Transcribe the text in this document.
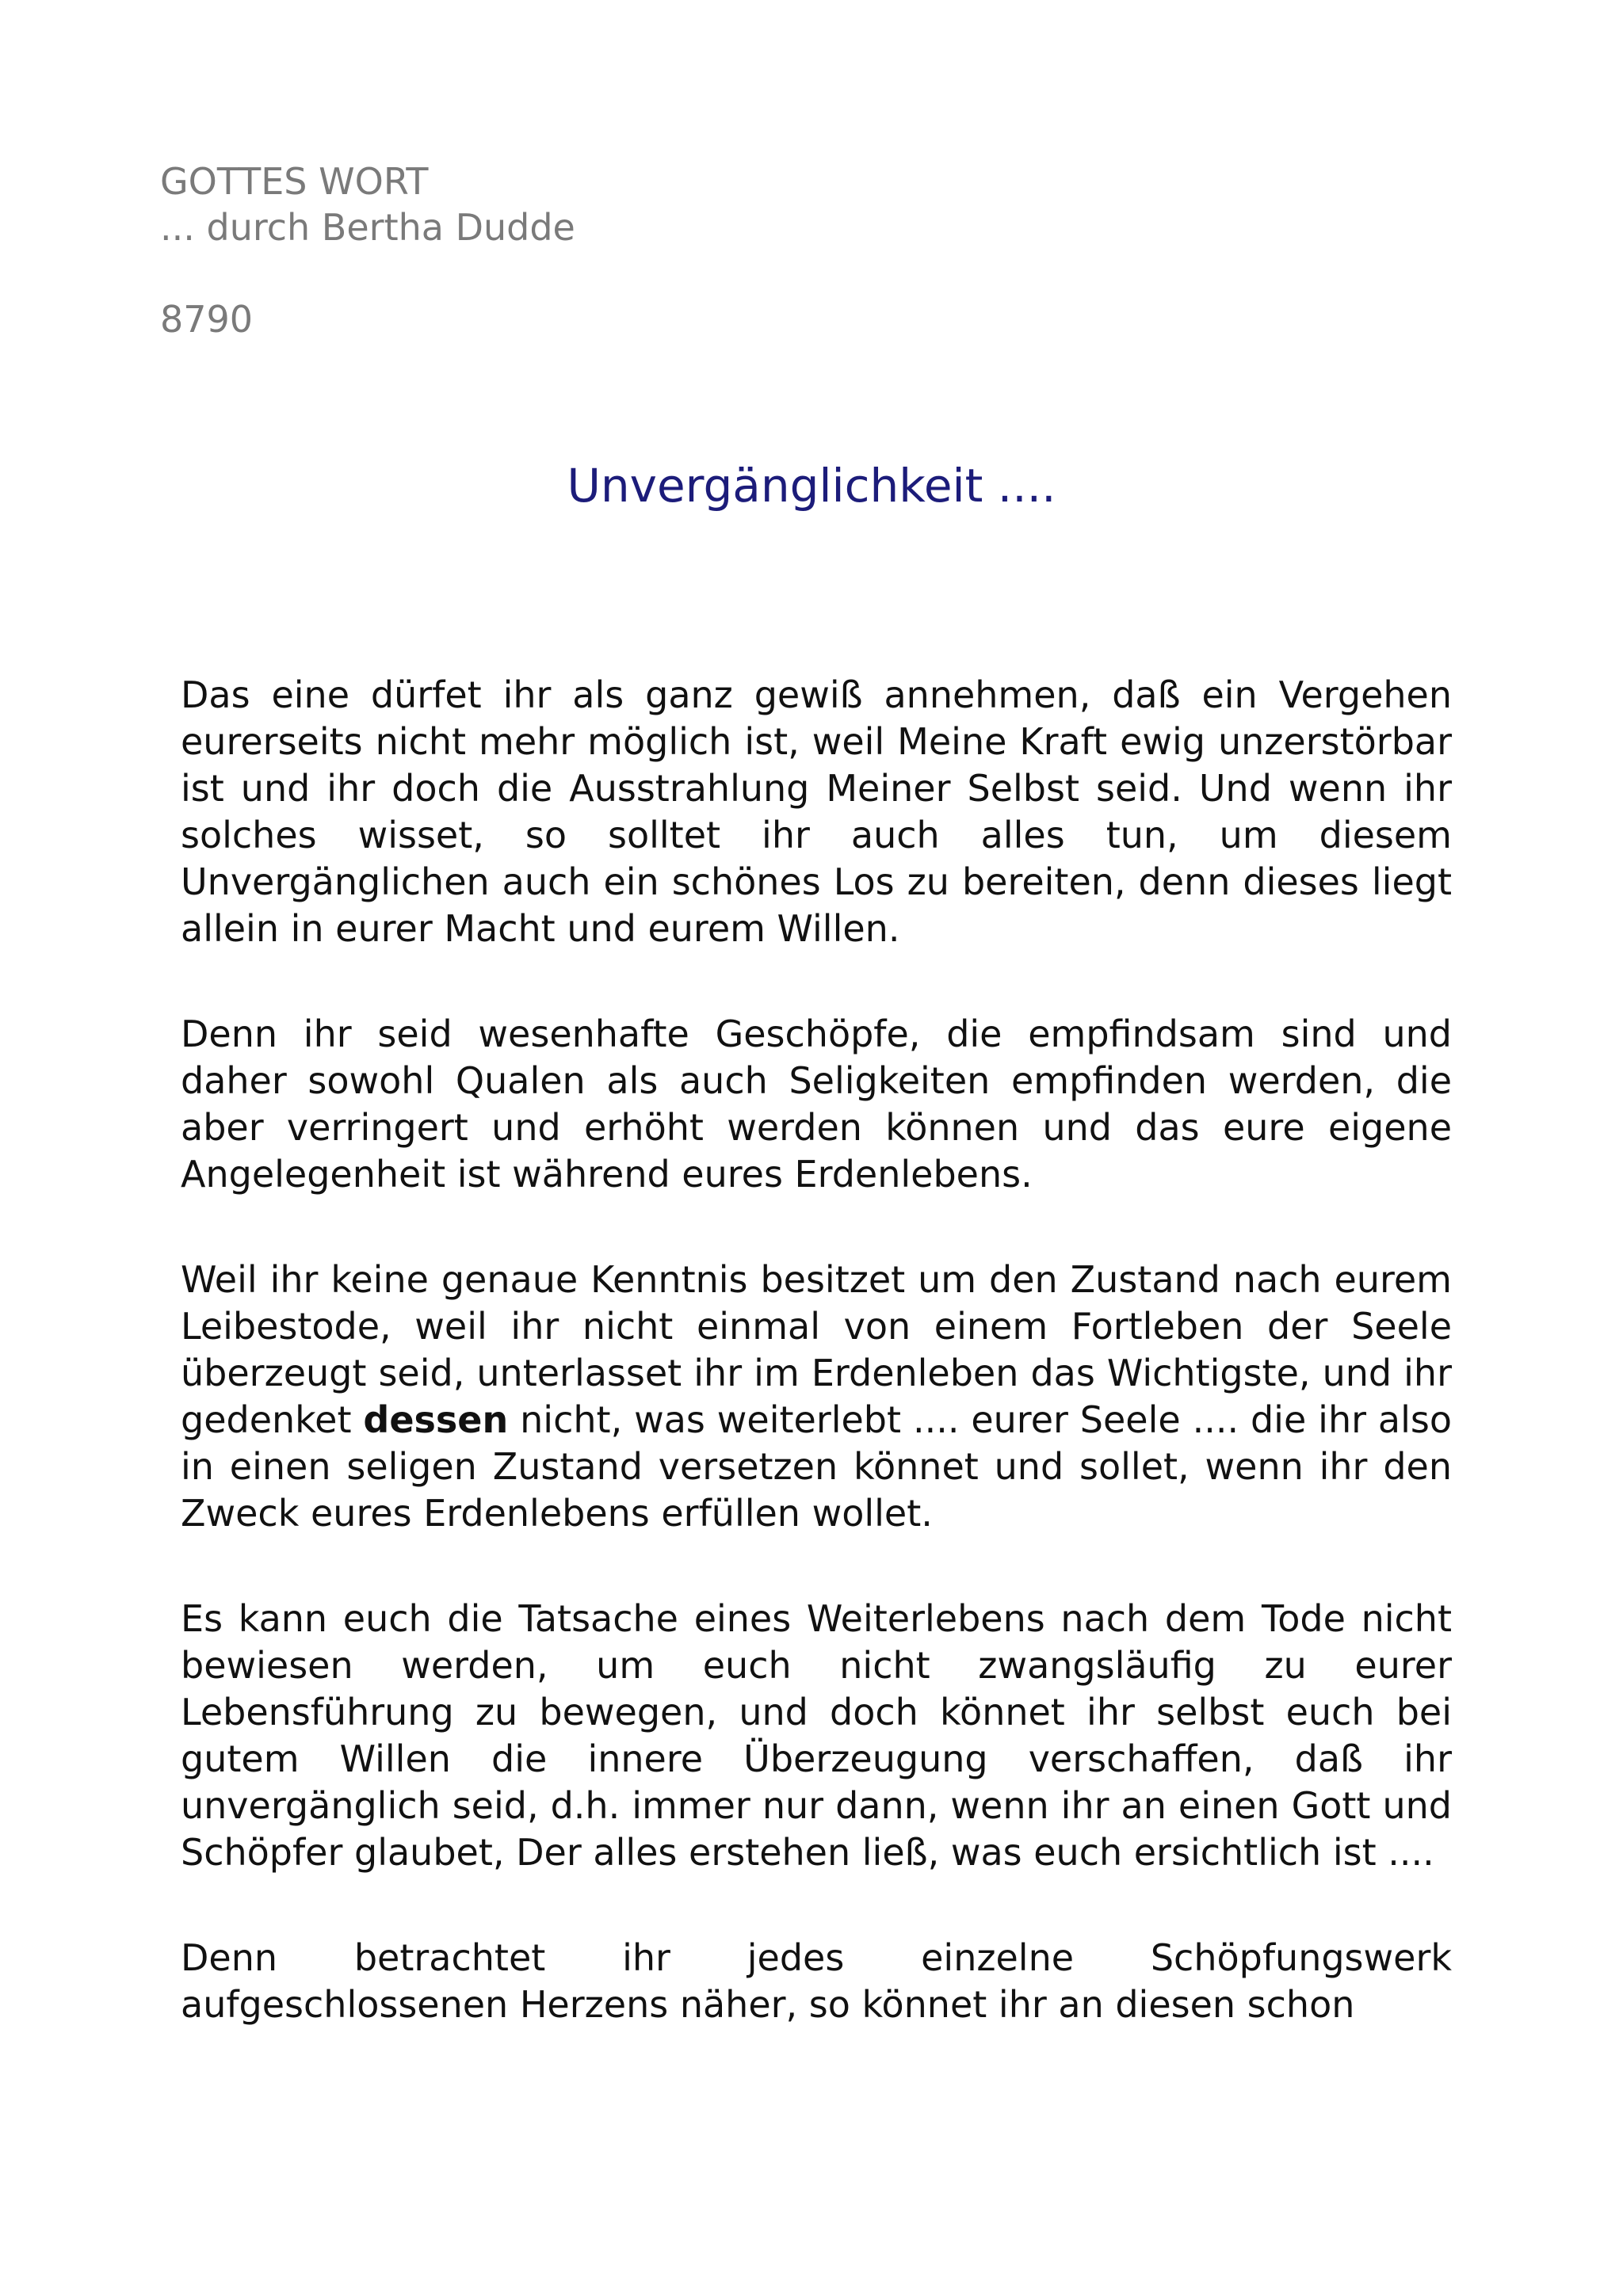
GOTTES WORT
... durch Bertha Dudde
8790
Unvergänglichkeit ....

Das eine dürfet ihr als ganz gewiß annehmen, daß ein Vergehen eurerseits nicht mehr möglich ist, weil Meine Kraft ewig unzerstörbar ist und ihr doch die Ausstrahlung Meiner Selbst seid. Und wenn ihr solches wisset, so solltet ihr auch alles tun, um diesem Unvergänglichen auch ein schönes Los zu bereiten, denn dieses liegt allein in eurer Macht und eurem Willen.

Denn ihr seid wesenhafte Geschöpfe, die empfindsam sind und daher sowohl Qualen als auch Seligkeiten empfinden werden, die aber verringert und erhöht werden können und das eure eigene Angelegenheit ist während eures Erdenlebens.

Weil ihr keine genaue Kenntnis besitzet um den Zustand nach eurem Leibestode, weil ihr nicht einmal von einem Fortleben der Seele überzeugt seid, unterlasset ihr im Erdenleben das Wichtigste, und ihr gedenket dessen nicht, was weiterlebt .... eurer Seele .... die ihr also in einen seligen Zustand versetzen könnet und sollet, wenn ihr den Zweck eures Erdenlebens erfüllen wollet.

Es kann euch die Tatsache eines Weiterlebens nach dem Tode nicht bewiesen werden, um euch nicht zwangsläufig zu eurer Lebensführung zu bewegen, und doch könnet ihr selbst euch bei gutem Willen die innere Überzeugung verschaffen, daß ihr unvergänglich seid, d.h. immer nur dann, wenn ihr an einen Gott und Schöpfer glaubet, Der alles erstehen ließ, was euch ersichtlich ist ....

Denn betrachtet ihr jedes einzelne Schöpfungswerk aufgeschlossenen Herzens näher, so könnet ihr an diesen schon
